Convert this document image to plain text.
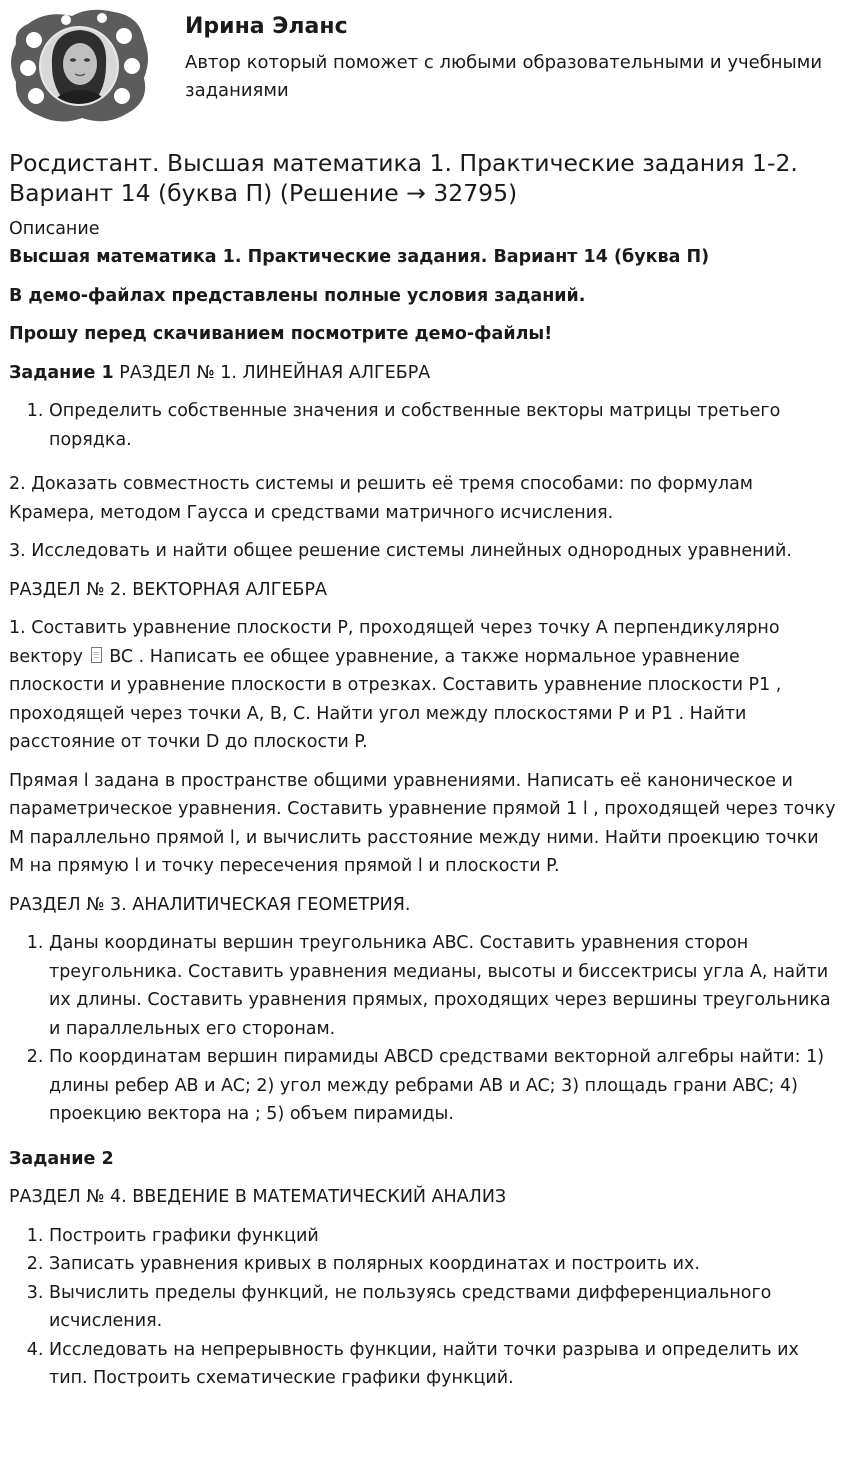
Ирина Эланс
Автор который поможет с любыми образовательными и учебными заданиями
Росдистант. Высшая математика 1. Практические задания 1-2. Вариант 14 (буква П) (Решение → 32795)
Описание

Высшая математика 1. Практические задания. Вариант 14 (буква П)

В демо-файлах представлены полные условия заданий.

Прошу перед скачиванием посмотрите демо-файлы!

Задание 1 РАЗДЕЛ № 1. ЛИНЕЙНАЯ АЛГЕБРА

1. Определить собственные значения и собственные векторы матрицы третьего порядка.

2. Доказать совместность системы и решить её тремя способами: по формулам Крамера, методом Гаусса и средствами матричного исчисления.

3. Исследовать и найти общее решение системы линейных однородных уравнений.

РАЗДЕЛ № 2. ВЕКТОРНАЯ АЛГЕБРА

1. Составить уравнение плоскости P, проходящей через точку A перпендикулярно вектору BC . Написать ее общее уравнение, а также нормальное уравнение плоскости и уравнение плоскости в отрезках. Составить уравнение плоскости P1 , проходящей через точки A, B, C. Найти угол между плоскостями P и P1 . Найти расстояние от точки D до плоскости P.

Прямая l задана в пространстве общими уравнениями. Написать её каноническое и параметрическое уравнения. Составить уравнение прямой 1 l , проходящей через точку M параллельно прямой l, и вычислить расстояние между ними. Найти проекцию точки M на прямую l и точку пересечения прямой l и плоскости P.

РАЗДЕЛ № 3. АНАЛИТИЧЕСКАЯ ГЕОМЕТРИЯ.

1. Даны координаты вершин треугольника ABC. Составить уравнения сторон треугольника. Составить уравнения медианы, высоты и биссектрисы угла A, найти их длины. Составить уравнения прямых, проходящих через вершины треугольника и параллельных его сторонам.
2. По координатам вершин пирамиды ABCD средствами векторной алгебры найти: 1) длины ребер AB и AC; 2) угол между ребрами AB и AC; 3) площадь грани ABC; 4) проекцию вектора на ; 5) объем пирамиды.

Задание 2

РАЗДЕЛ № 4. ВВЕДЕНИЕ В МАТЕМАТИЧЕСКИЙ АНАЛИЗ

1. Построить графики функций
2. Записать уравнения кривых в полярных координатах и построить их.
3. Вычислить пределы функций, не пользуясь средствами дифференциального исчисления.
4. Исследовать на непрерывность функции, найти точки разрыва и определить их тип. Построить схематические графики функций.
